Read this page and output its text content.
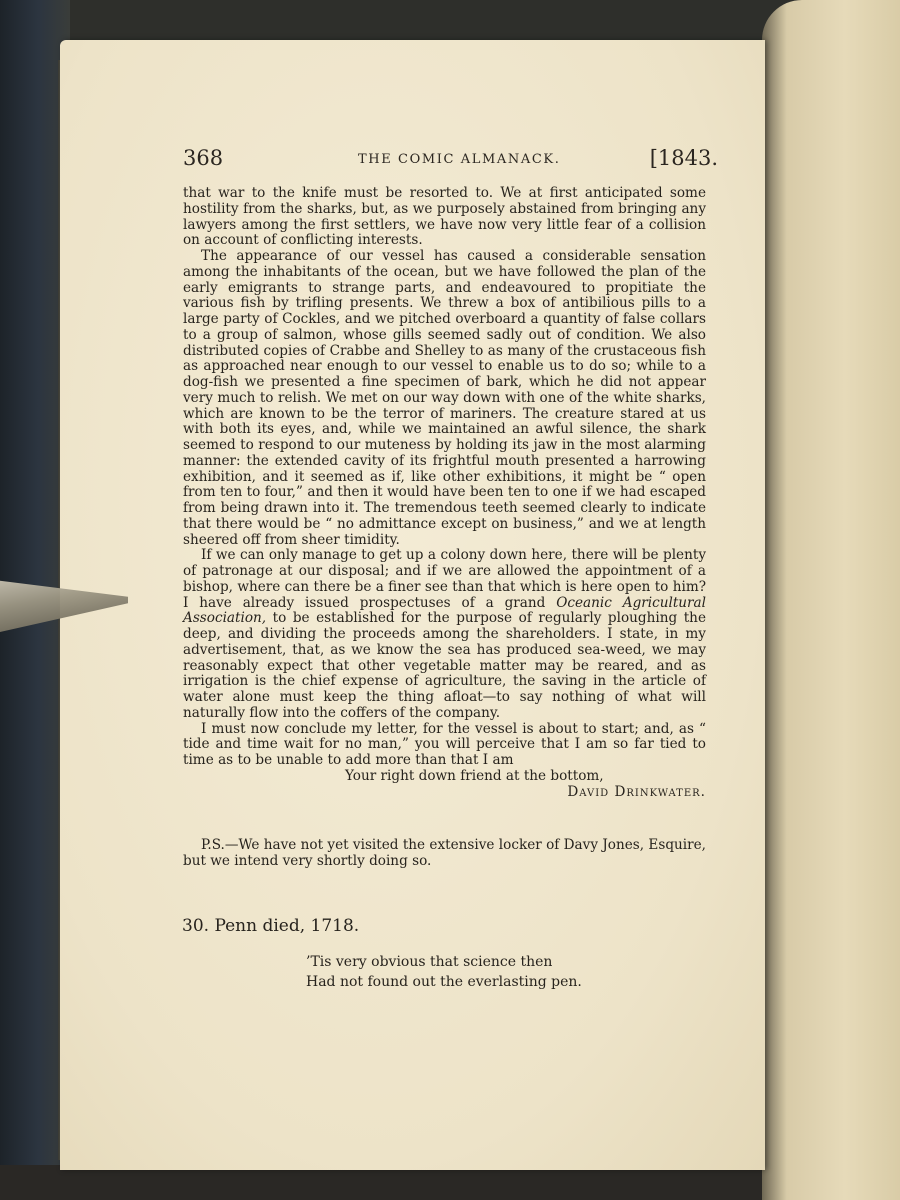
368	THE COMIC ALMANACK.	[1843.

that war to the knife must be resorted to. We at first anticipated some hostility from the sharks, but, as we purposely abstained from bringing any lawyers among the first settlers, we have now very little fear of a collision on account of conflicting interests.

The appearance of our vessel has caused a considerable sensation among the inhabitants of the ocean, but we have followed the plan of the early emigrants to strange parts, and endeavoured to propitiate the various fish by trifling presents. We threw a box of antibilious pills to a large party of Cockles, and we pitched overboard a quantity of false collars to a group of salmon, whose gills seemed sadly out of condition. We also distributed copies of Crabbe and Shelley to as many of the crustaceous fish as approached near enough to our vessel to enable us to do so; while to a dog-fish we presented a fine specimen of bark, which he did not appear very much to relish. We met on our way down with one of the white sharks, which are known to be the terror of mariners. The creature stared at us with both its eyes, and, while we maintained an awful silence, the shark seemed to respond to our muteness by holding its jaw in the most alarming manner: the extended cavity of its frightful mouth presented a harrowing exhibition, and it seemed as if, like other exhibitions, it might be “ open from ten to four,” and then it would have been ten to one if we had escaped from being drawn into it. The tremendous teeth seemed clearly to indicate that there would be “ no admittance except on business,” and we at length sheered off from sheer timidity.

If we can only manage to get up a colony down here, there will be plenty of patronage at our disposal; and if we are allowed the appointment of a bishop, where can there be a finer see than that which is here open to him? I have already issued prospectuses of a grand Oceanic Agricultural Association, to be established for the purpose of regularly ploughing the deep, and dividing the proceeds among the shareholders. I state, in my advertisement, that, as we know the sea has produced sea-weed, we may reasonably expect that other vegetable matter may be reared, and as irrigation is the chief expense of agriculture, the saving in the article of water alone must keep the thing afloat—to say nothing of what will naturally flow into the coffers of the company.

I must now conclude my letter, for the vessel is about to start; and, as “ tide and time wait for no man,” you will perceive that I am so far tied to time as to be unable to add more than that I am

Your right down friend at the bottom,
David Drinkwater.

P.S.—We have not yet visited the extensive locker of Davy Jones, Esquire, but we intend very shortly doing so.

30. Penn died, 1718.
’Tis very obvious that science then
Had not found out the everlasting pen.
